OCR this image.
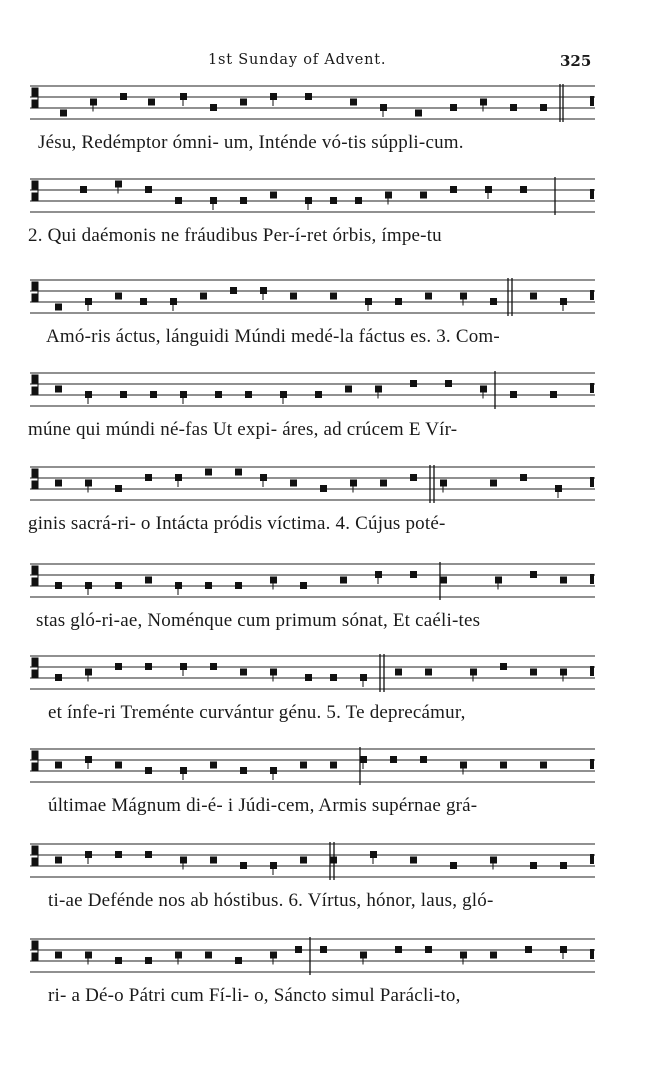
1st Sunday of Advent.	325
Jésu, Redémptor ómni- um, Inténde vó-tis súppli-cum.
2. Qui daémonis ne fráudibus Per-í-ret órbis, ímpe-tu
Amó-ris áctus, lánguidi Múndi medé-la fáctus es. 3. Com-
múne qui múndi né-fas Ut expi- áres, ad crúcem E Vír-
ginis sacrá-ri- o Intácta pródis víctima. 4. Cújus poté-
stas gló-ri-ae, Noménque cum primum sónat, Et caéli-tes
et ínfe-ri Treménte curvántur génu. 5. Te deprecámur,
últimae Mágnum di-é- i Júdi-cem, Armis supérnae grá-
ti-ae Defénde nos ab hóstibus. 6. Vírtus, hónor, laus, gló-
ri- a Dé-o Pátri cum Fí-li- o, Sáncto simul Parácli-to,
